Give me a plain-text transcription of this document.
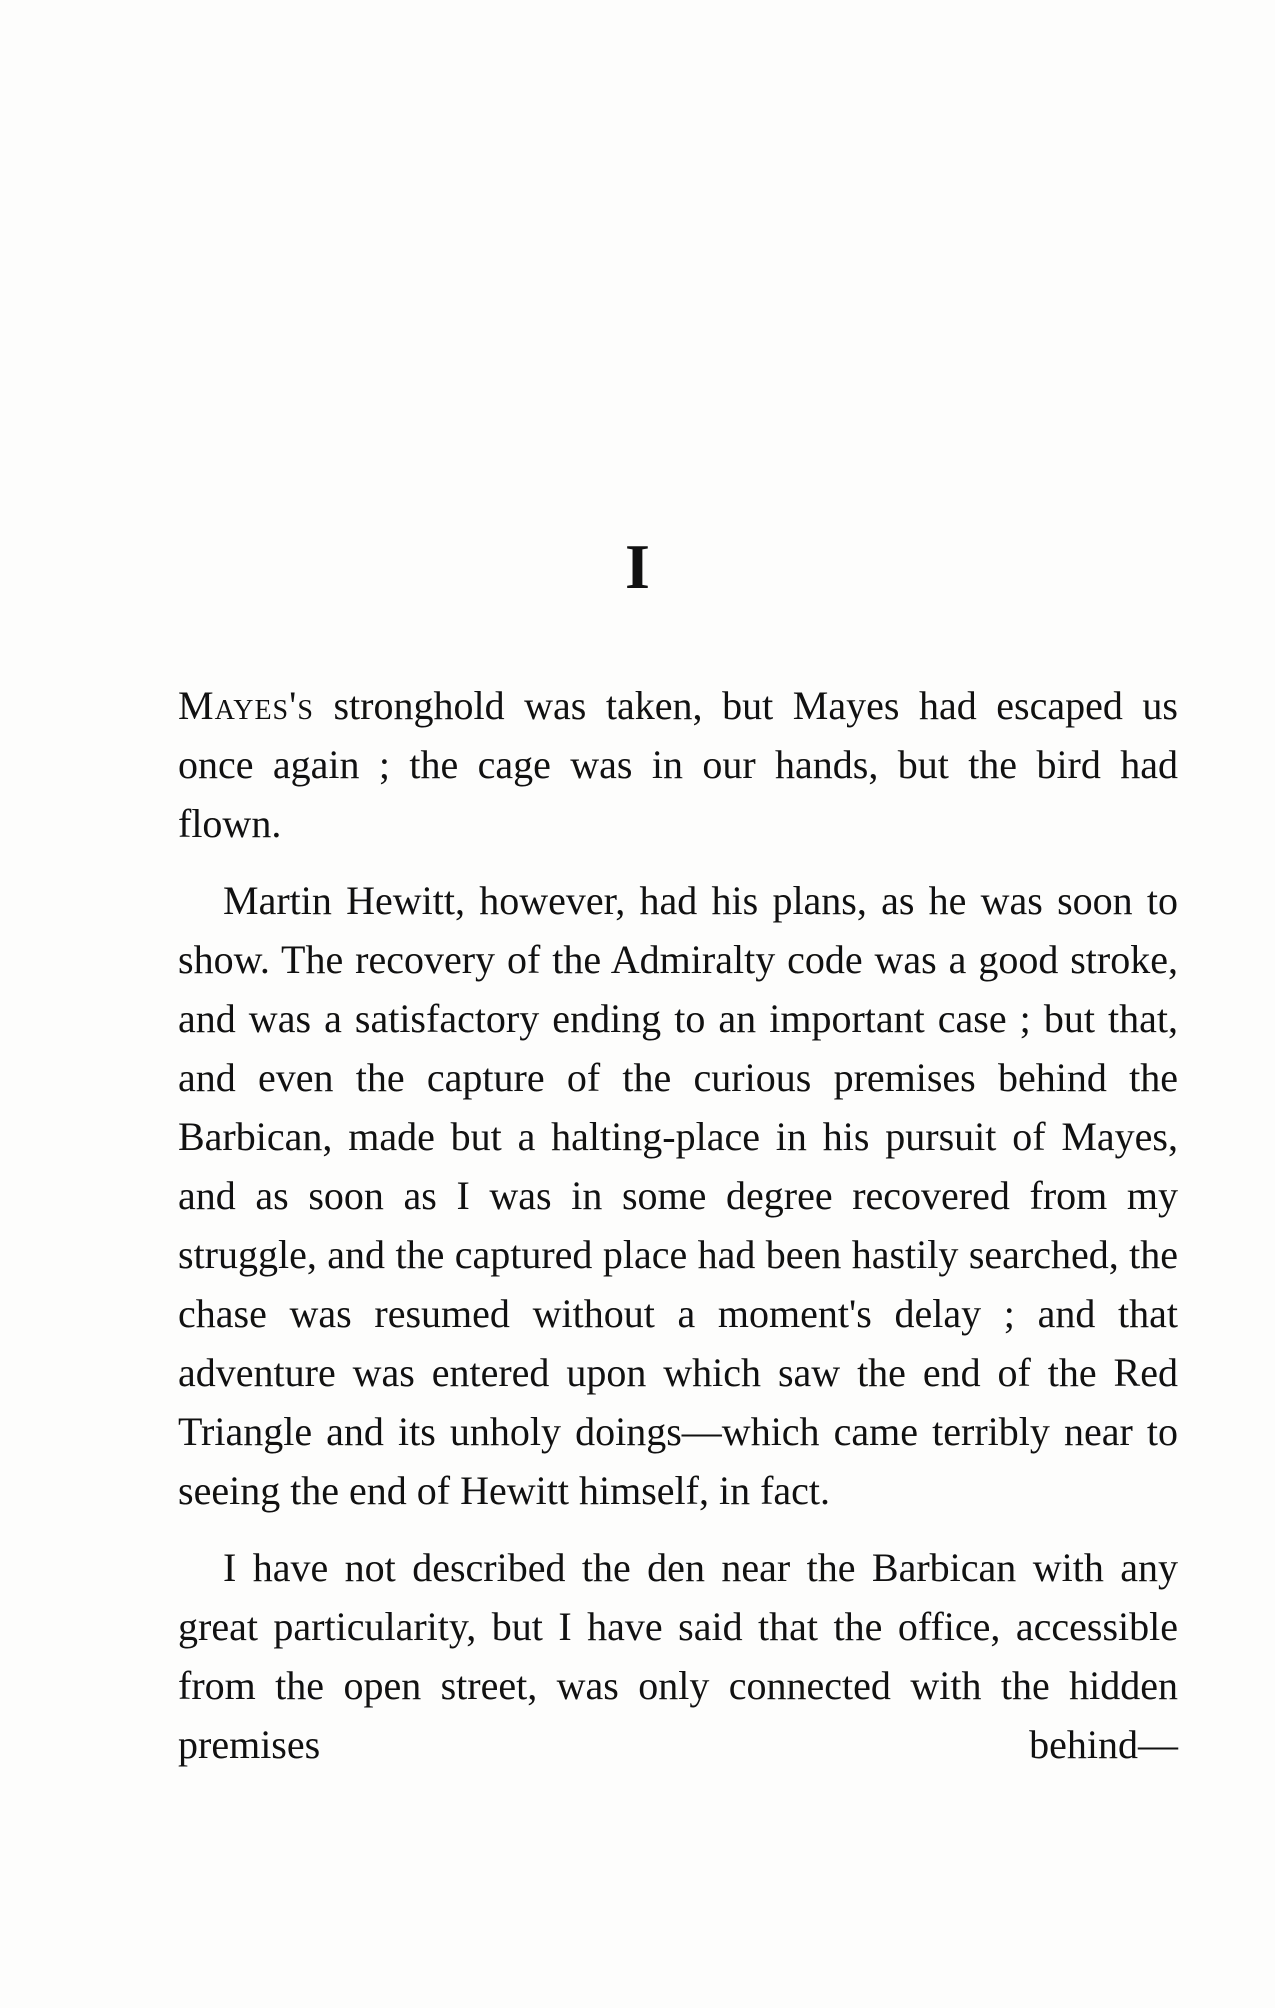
I

Mayes's stronghold was taken, but Mayes had escaped us once again ; the cage was in our hands, but the bird had flown.

Martin Hewitt, however, had his plans, as he was soon to show. The recovery of the Admiralty code was a good stroke, and was a satisfactory ending to an important case ; but that, and even the capture of the curious premises behind the Barbican, made but a halting-place in his pursuit of Mayes, and as soon as I was in some degree recovered from my struggle, and the captured place had been hastily searched, the chase was resumed without a moment's delay ; and that adventure was entered upon which saw the end of the Red Triangle and its unholy doings—which came terribly near to seeing the end of Hewitt himself, in fact.

I have not described the den near the Barbican with any great particularity, but I have said that the office, accessible from the open street, was only connected with the hidden premises behind—
